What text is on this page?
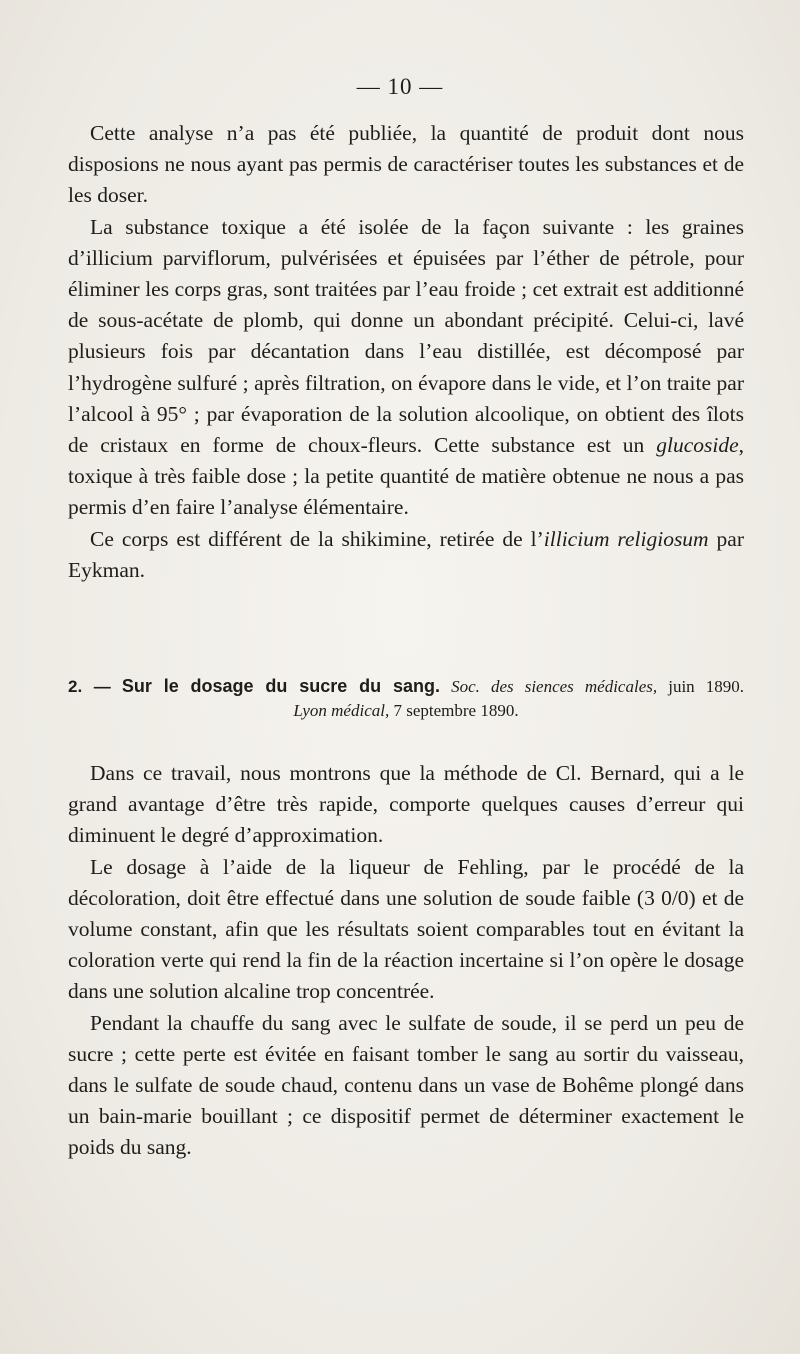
— 10 —

Cette analyse n’a pas été publiée, la quantité de produit dont nous disposions ne nous ayant pas permis de caractériser toutes les substances et de les doser.

La substance toxique a été isolée de la façon suivante : les graines d’illicium parviflorum, pulvérisées et épuisées par l’éther de pétrole, pour éliminer les corps gras, sont traitées par l’eau froide ; cet extrait est additionné de sous-acétate de plomb, qui donne un abondant précipité. Celui-ci, lavé plusieurs fois par décantation dans l’eau distillée, est décomposé par l’hydrogène sulfuré ; après filtration, on évapore dans le vide, et l’on traite par l’alcool à 95° ; par évaporation de la solution alcoolique, on obtient des îlots de cristaux en forme de choux-fleurs. Cette substance est un glucoside, toxique à très faible dose ; la petite quantité de matière obtenue ne nous a pas permis d’en faire l’analyse élémentaire.

Ce corps est différent de la shikimine, retirée de l’illicium religiosum par Eykman.

2. — Sur le dosage du sucre du sang. Soc. des siences médicales, juin 1890.
Lyon médical, 7 septembre 1890.

Dans ce travail, nous montrons que la méthode de Cl. Bernard, qui a le grand avantage d’être très rapide, comporte quelques causes d’erreur qui diminuent le degré d’approximation.

Le dosage à l’aide de la liqueur de Fehling, par le procédé de la décoloration, doit être effectué dans une solution de soude faible (3 0/0) et de volume constant, afin que les résultats soient comparables tout en évitant la coloration verte qui rend la fin de la réaction incertaine si l’on opère le dosage dans une solution alcaline trop concentrée.

Pendant la chauffe du sang avec le sulfate de soude, il se perd un peu de sucre ; cette perte est évitée en faisant tomber le sang au sortir du vaisseau, dans le sulfate de soude chaud, contenu dans un vase de Bohême plongé dans un bain-marie bouillant ; ce dispositif permet de déterminer exactement le poids du sang.
